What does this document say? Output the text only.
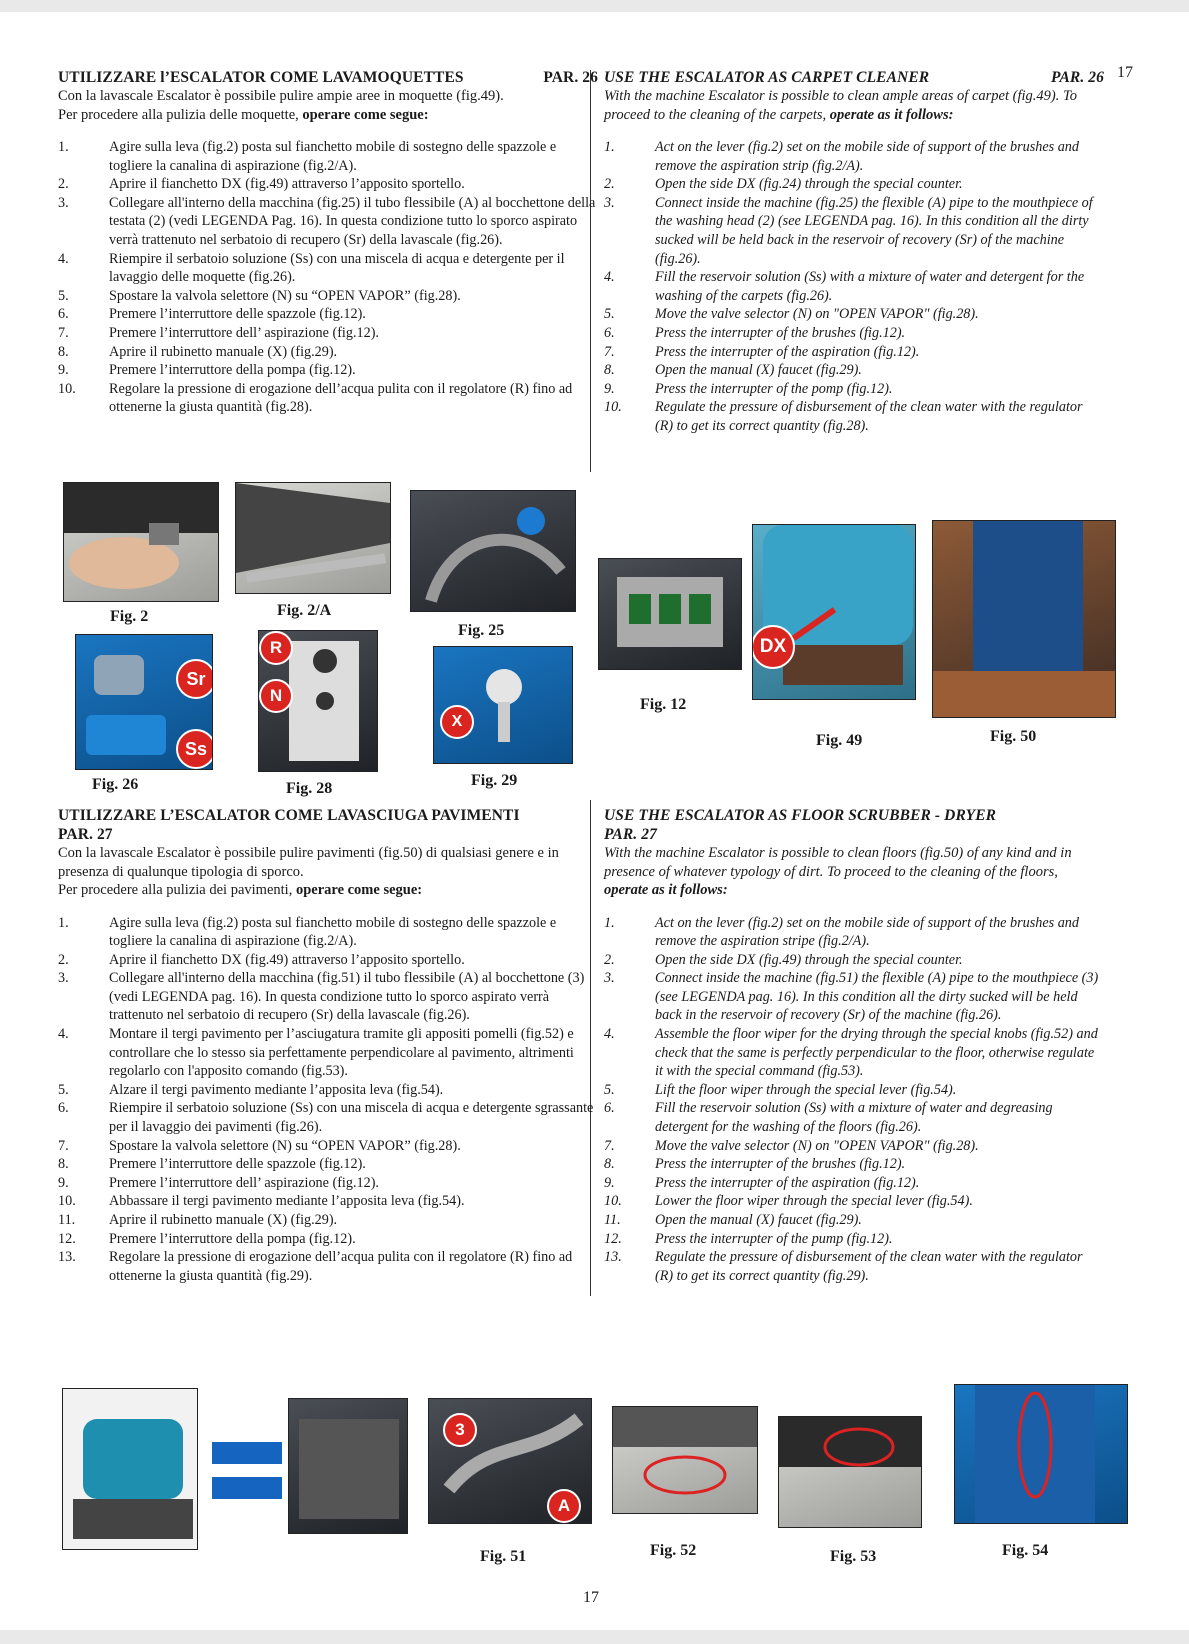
17

UTILIZZARE l’ESCALATOR COME LAVAMOQUETTES	PAR. 26

Con la lavascale Escalator è possibile pulire ampie aree in moquette (fig.49).

Per procedere alla pulizia delle moquette, operare come segue:

1.	Agire sulla leva (fig.2) posta sul fianchetto mobile di sostegno delle spazzole e togliere la canalina di aspirazione (fig.2/A).
2.	Aprire il fianchetto DX (fig.49) attraverso l’apposito sportello.
3.	Collegare all'interno della macchina (fig.25) il tubo flessibile (A) al bocchettone della testata (2) (vedi LEGENDA Pag. 16). In questa condizione tutto lo sporco aspirato verrà trattenuto nel serbatoio di recupero (Sr) della lavascale (fig.26).
4.	Riempire il serbatoio soluzione (Ss) con una miscela di acqua e detergente per il lavaggio delle moquette (fig.26).
5.	Spostare la valvola selettore (N) su “OPEN VAPOR” (fig.28).
6.	Premere l’interruttore delle spazzole (fig.12).
7.	Premere l’interruttore dell’ aspirazione (fig.12).
8.	Aprire il rubinetto manuale (X) (fig.29).
9.	Premere l’interruttore della pompa (fig.12).
10. Regolare la pressione di erogazione dell’acqua pulita con il regolatore (R) fino ad ottenerne la giusta quantità (fig.28).

USE THE ESCALATOR AS CARPET CLEANER	PAR. 26

With the machine Escalator is possible to clean ample areas of carpet (fig.49). To proceed to the cleaning of the carpets, operate as it follows:

1.	Act on the lever (fig.2) set on the mobile side of support of the brushes and remove the aspiration strip (fig.2/A).
2.	Open the side DX (fig.24) through the special counter.
3.	Connect inside the machine (fig.25) the flexible (A) pipe to the mouthpiece of the washing head (2) (see LEGENDA pag. 16). In this condition all the dirty sucked will be held back in the reservoir of recovery (Sr) of the machine (fig.26).
4.	Fill the reservoir solution (Ss) with a mixture of water and detergent for the washing of the carpets (fig.26).
5.	Move the valve selector (N) on "OPEN VAPOR" (fig.28).
6.	Press the interrupter of the brushes (fig.12).
7.	Press the interrupter of the aspiration (fig.12).
8.	Open the manual (X) faucet (fig.29).
9.	Press the interrupter of the pomp (fig.12).
10. Regulate the pressure of disbursement of the clean water with the regulator (R) to get its correct quantity (fig.28).
Fig. 2	Fig. 2/A
Fig. 25
Fig. 12
DX
Fig. 49	Fig. 50
Sr
Ss
Fig. 26
R
N
Fig. 28
X
Fig. 29

UTILIZZARE L’ESCALATOR COME LAVASCIUGA PAVIMENTI

PAR. 27

Con la lavascale Escalator è possibile pulire pavimenti (fig.50) di qualsiasi genere e in presenza di qualunque tipologia di sporco.

Per procedere alla pulizia dei pavimenti, operare come segue:

1.	Agire sulla leva (fig.2) posta sul fianchetto mobile di sostegno delle spazzole e togliere la canalina di aspirazione (fig.2/A).
2.	Aprire il fianchetto DX (fig.49) attraverso l’apposito sportello.
3.	Collegare all'interno della macchina (fig.51) il tubo flessibile (A) al bocchettone (3) (vedi LEGENDA pag. 16). In questa condizione tutto lo sporco aspirato verrà trattenuto nel serbatoio di recupero (Sr) della lavascale (fig.26).
4.	Montare il tergi pavimento per l’asciugatura tramite gli appositi pomelli (fig.52) e controllare che lo stesso sia perfettamente perpendicolare al pavimento, altrimenti regolarlo con l'apposito comando (fig.53).
5.	Alzare il tergi pavimento mediante l’apposita leva (fig.54).
6.	Riempire il serbatoio soluzione (Ss) con una miscela di acqua e detergente sgrassante per il lavaggio dei pavimenti (fig.26).
7.	Spostare la valvola selettore (N) su “OPEN VAPOR” (fig.28).
8.	Premere l’interruttore delle spazzole (fig.12).
9.	Premere l’interruttore dell’ aspirazione (fig.12).
10. Abbassare il tergi pavimento mediante l’apposita leva (fig.54).
11. Aprire il rubinetto manuale (X) (fig.29).
12. Premere l’interruttore della pompa (fig.12).
13. Regolare la pressione di erogazione dell’acqua pulita con il regolatore (R) fino ad ottenerne la giusta quantità (fig.29).

USE THE ESCALATOR AS FLOOR SCRUBBER - DRYER

PAR. 27

With the machine Escalator is possible to clean floors (fig.50) of any kind and in presence of whatever typology of dirt. To proceed to the cleaning of the floors, operate as it follows:

1.	Act on the lever (fig.2) set on the mobile side of support of the brushes and remove the aspiration stripe (fig.2/A).
2.	Open the side DX (fig.49) through the special counter.
3.	Connect inside the machine (fig.51) the flexible (A) pipe to the mouthpiece (3) (see LEGENDA pag. 16). In this condition all the dirty sucked will be held back in the reservoir of recovery (Sr) of the machine (fig.26).
4.	Assemble the floor wiper for the drying through the special knobs (fig.52) and check that the same is perfectly perpendicular to the floor, otherwise regulate it with the special command (fig.53).
5.	Lift the floor wiper through the special lever (fig.54).
6.	Fill the reservoir solution (Ss) with a mixture of water and degreasing detergent for the washing of the floors (fig.26).
7.	Move the valve selector (N) on "OPEN VAPOR" (fig.28).
8.	Press the interrupter of the brushes (fig.12).
9.	Press the interrupter of the aspiration (fig.12).
10. Lower the floor wiper through the special lever (fig.54).
11. Open the manual (X) faucet (fig.29).
12. Press the interrupter of the pump (fig.12).
13. Regulate the pressure of disbursement of the clean water with the regulator (R) to get its correct quantity (fig.29).
3
A
Fig. 51	Fig. 52	Fig. 53	Fig. 54
17
